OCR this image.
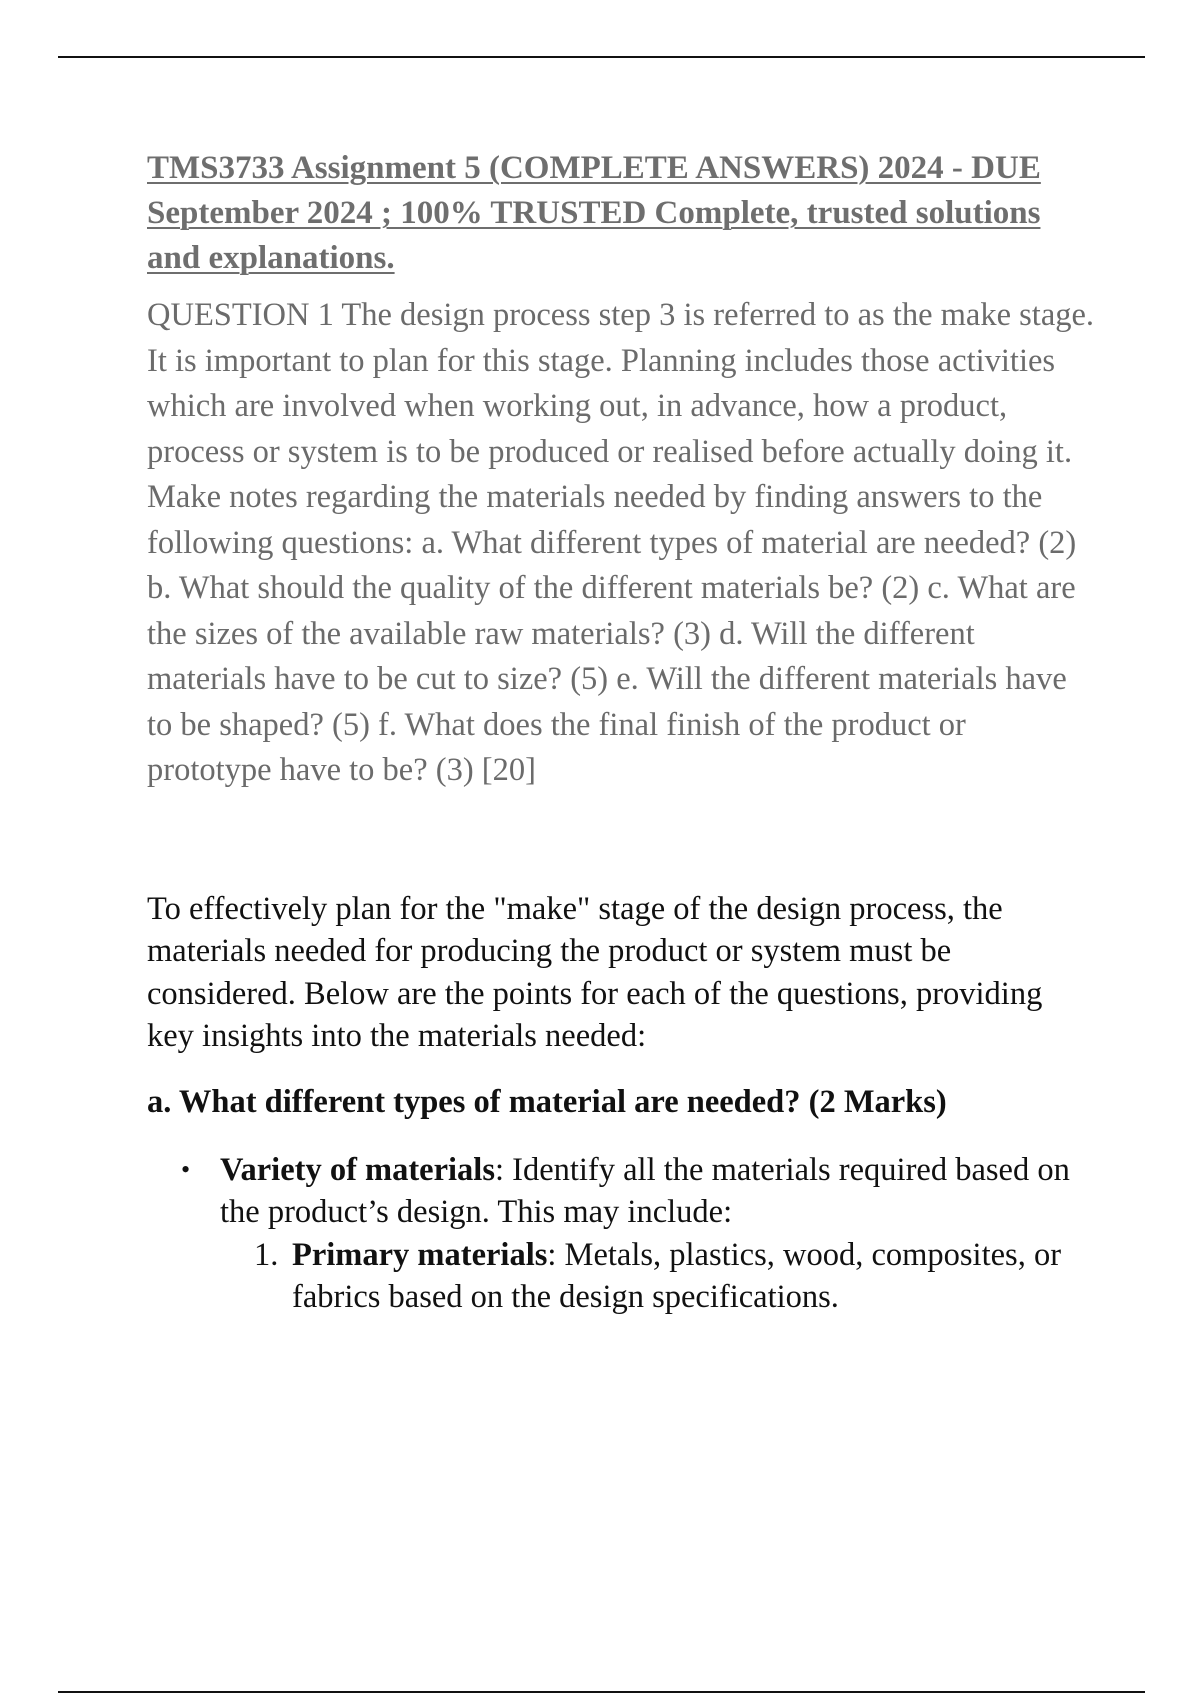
TMS3733 Assignment 5 (COMPLETE ANSWERS) 2024 - DUE September 2024 ; 100% TRUSTED Complete, trusted solutions and explanations.

QUESTION 1 The design process step 3 is referred to as the make stage. It is important to plan for this stage. Planning includes those activities which are involved when working out, in advance, how a product, process or system is to be produced or realised before actually doing it. Make notes regarding the materials needed by finding answers to the following questions: a. What different types of material are needed? (2) b. What should the quality of the different materials be? (2) c. What are the sizes of the available raw materials? (3) d. Will the different materials have to be cut to size? (5) e. Will the different materials have to be shaped? (5) f. What does the final finish of the product or prototype have to be? (3) [20]

To effectively plan for the "make" stage of the design process, the materials needed for producing the product or system must be considered. Below are the points for each of the questions, providing key insights into the materials needed:

a. What different types of material are needed? (2 Marks)

• Variety of materials: Identify all the materials required based on the product’s design. This may include:
1. Primary materials: Metals, plastics, wood, composites, or fabrics based on the design specifications.
